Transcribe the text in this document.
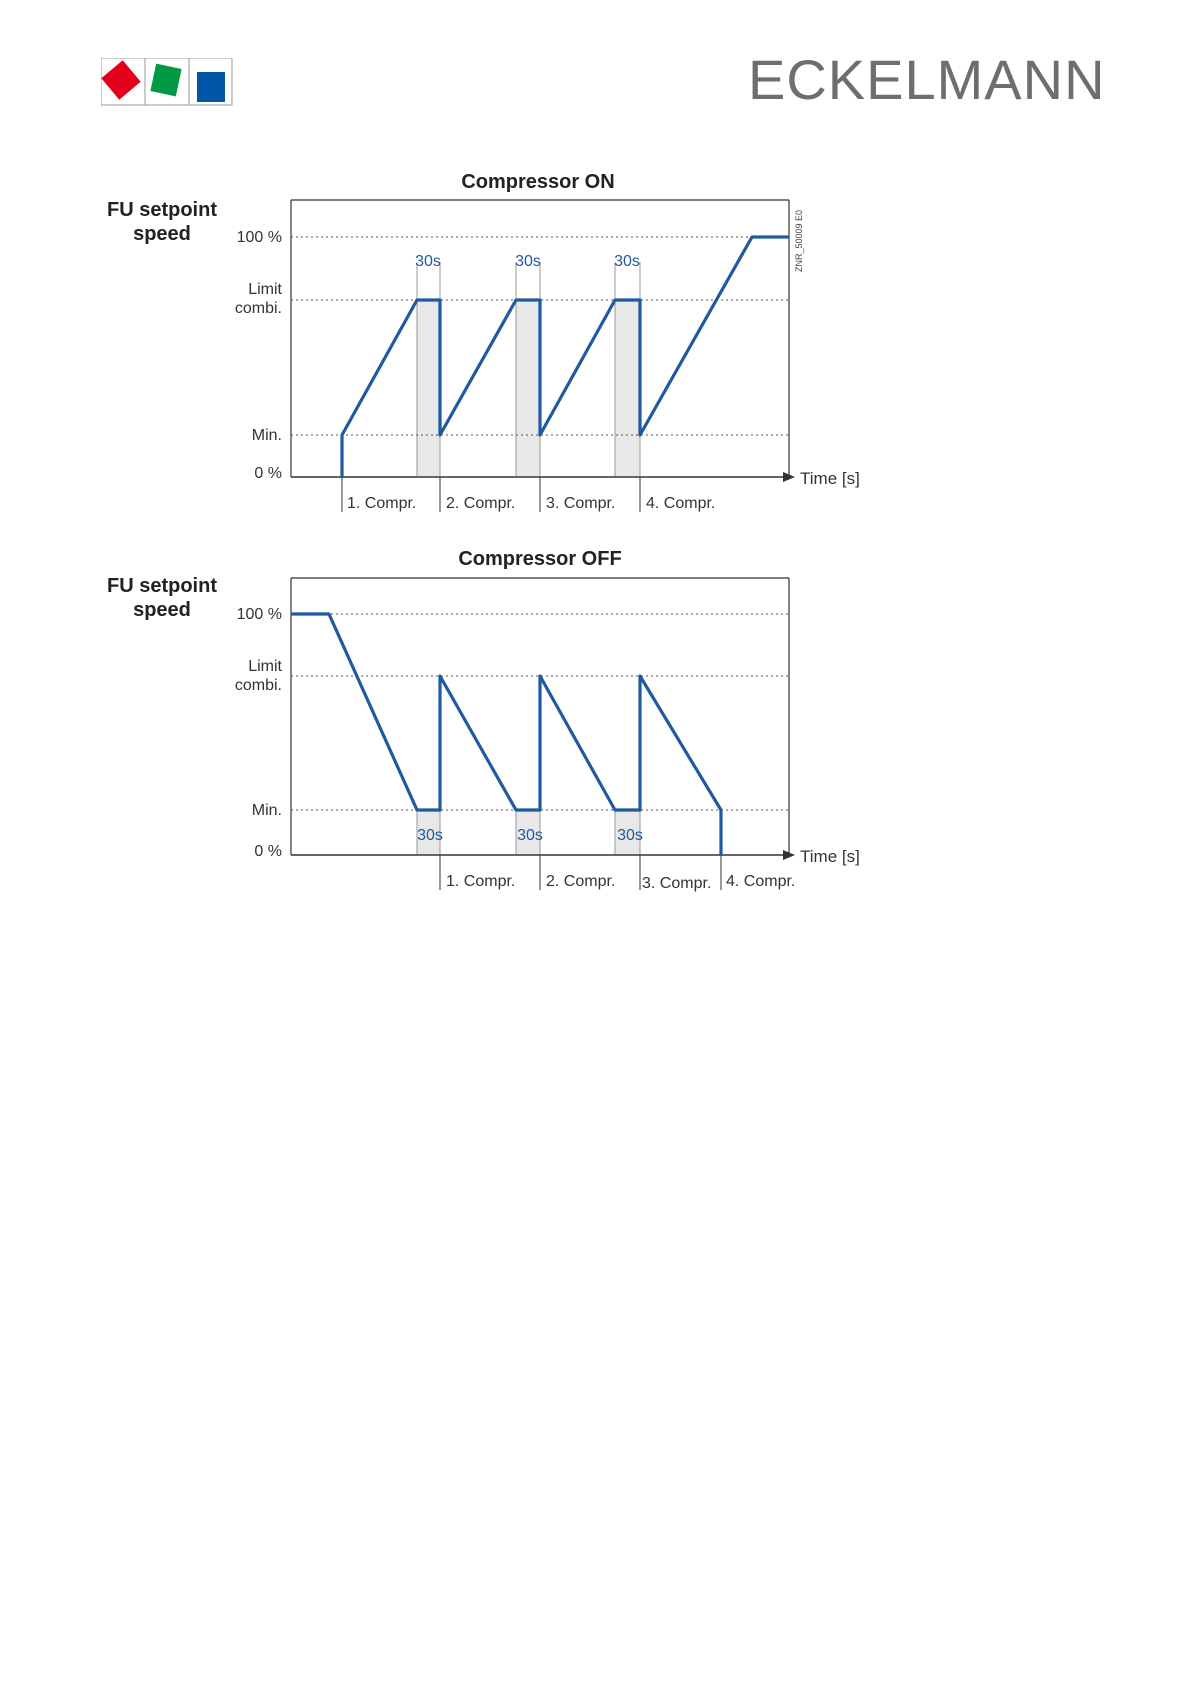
ECKELMANN
Compressor ON
FU setpoint
speed	100 %
Limit
combi.
Min.
0 %
30s	30s	30s
1. Compr. 2. Compr. 3. Compr. 4. Compr.
Time [s]
ZNR_50009 E0
Compressor OFF
FU setpoint
speed	100 %
Limit
combi.
Min.
0 %
30s	30s	30s
1. Compr. 2. Compr. 3. Compr. 4. Compr.
Time [s]
